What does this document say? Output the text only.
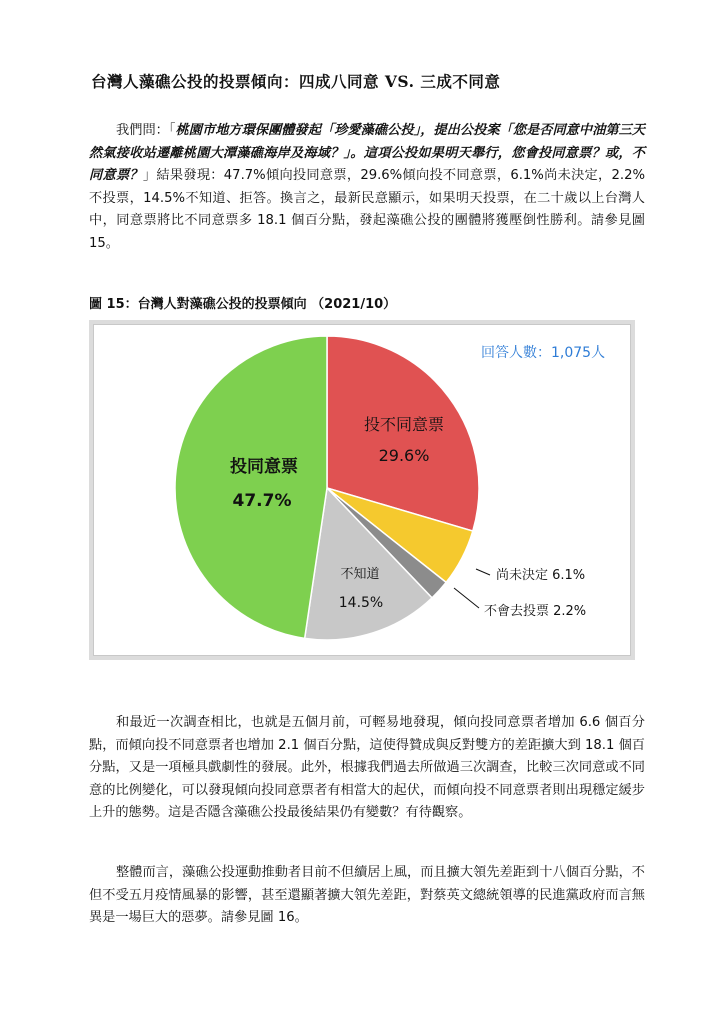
台灣人藻礁公投的投票傾向：四成八同意 VS. 三成不同意

我們問：「桃園市地方環保團體發起「珍愛藻礁公投」，提出公投案「您是否同意中油第三天然氣接收站遷離桃園大潭藻礁海岸及海域？」。這項公投如果明天舉行，您會投同意票？或，不同意票？」結果發現：47.7%傾向投同意票，29.6%傾向投不同意票，6.1%尚未決定，2.2%不投票，14.5%不知道、拒答。換言之，最新民意顯示，如果明天投票，在二十歲以上台灣人中，同意票將比不同意票多 18.1 個百分點，發起藻礁公投的團體將獲壓倒性勝利。請參見圖 15。

圖 15：台灣人對藻礁公投的投票傾向 （2021/10）
回答人數：1,075人
投不同意票
29.6%
投同意票
47.7%
不知道
14.5%
尚未決定 6.1%
不會去投票 2.2%

和最近一次調查相比，也就是五個月前，可輕易地發現，傾向投同意票者增加 6.6 個百分點，而傾向投不同意票者也增加 2.1 個百分點，這使得贊成與反對雙方的差距擴大到 18.1 個百分點，又是一項極具戲劇性的發展。此外，根據我們過去所做過三次調查，比較三次同意或不同意的比例變化，可以發現傾向投同意票者有相當大的起伏，而傾向投不同意票者則出現穩定緩步上升的態勢。這是否隱含藻礁公投最後結果仍有變數？有待觀察。

整體而言，藻礁公投運動推動者目前不但續居上風，而且擴大領先差距到十八個百分點，不但不受五月疫情風暴的影響，甚至還顯著擴大領先差距，對蔡英文總統領導的民進黨政府而言無異是一場巨大的惡夢。請參見圖 16。
